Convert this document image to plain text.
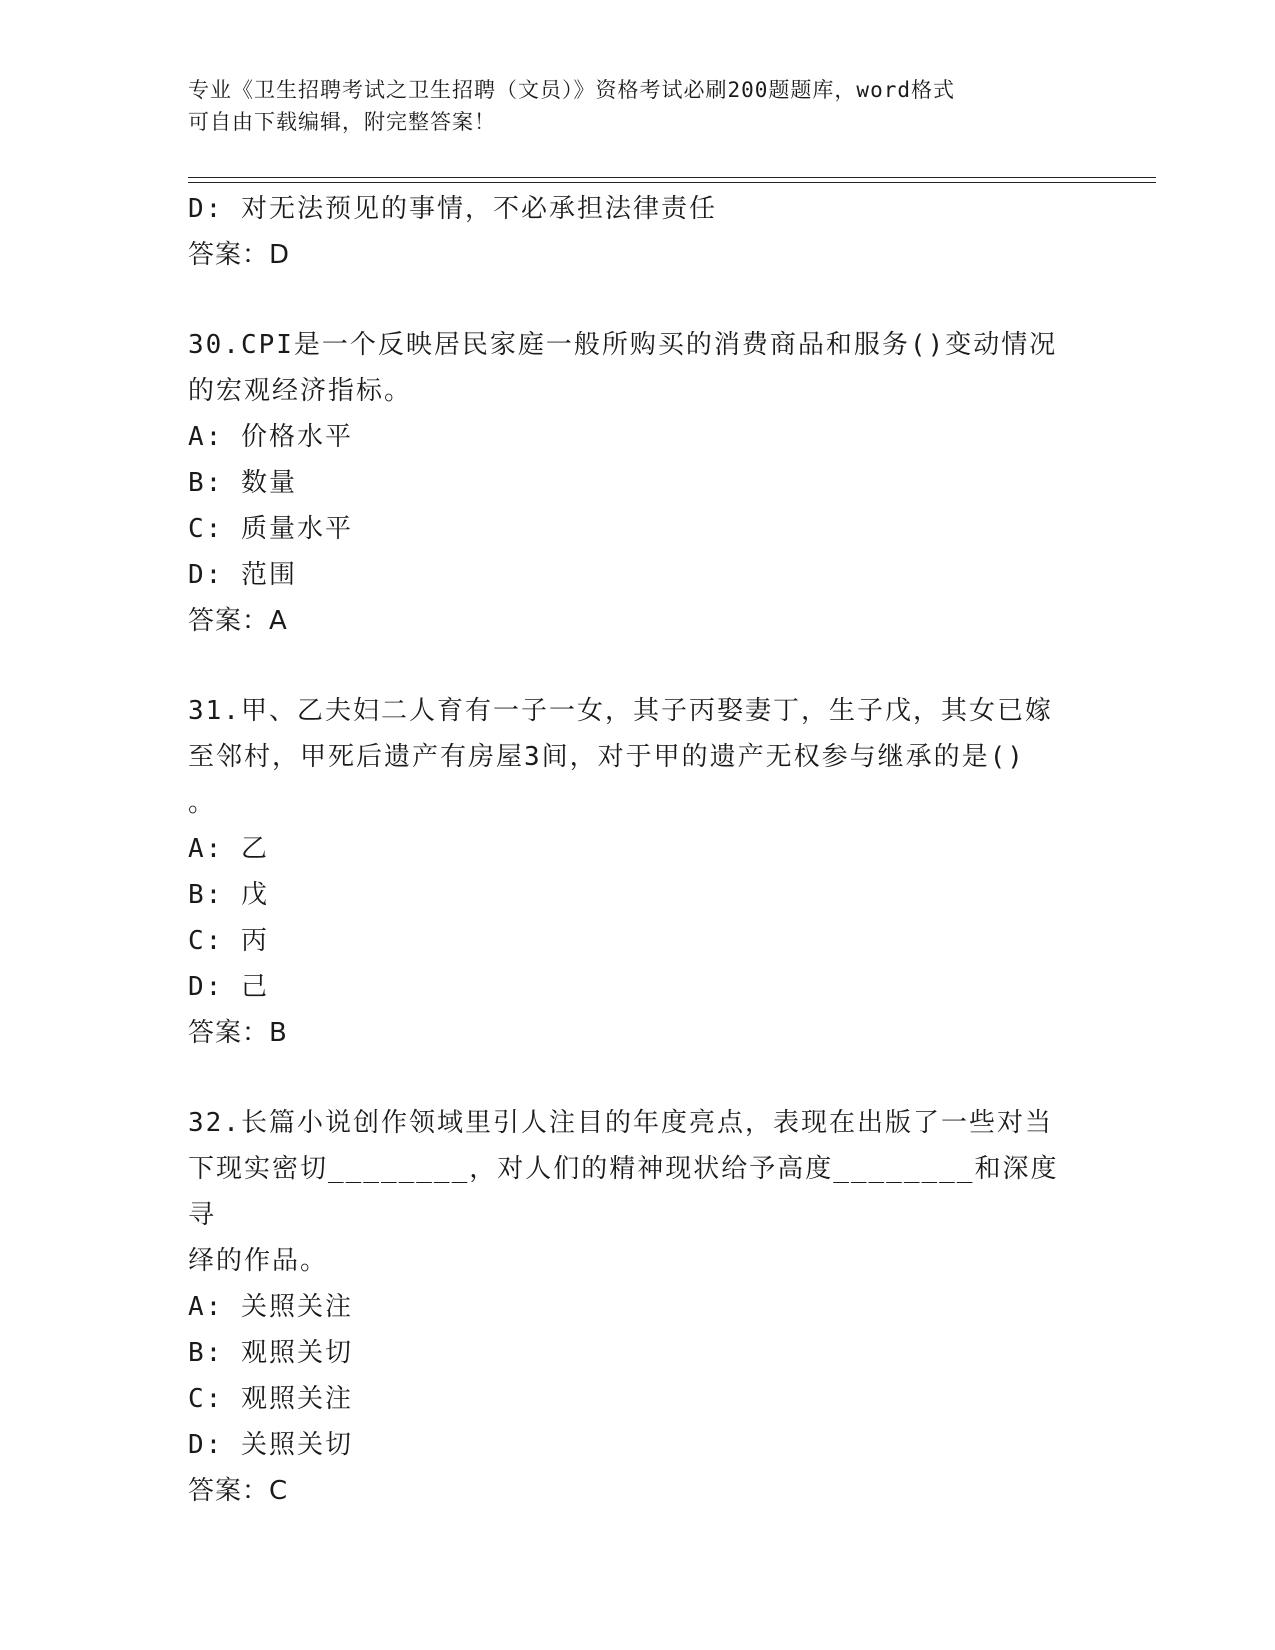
专业《卫生招聘考试之卫生招聘（文员）》资格考试必刷200题题库，word格式
可自由下载编辑，附完整答案！
D: 对无法预见的事情，不必承担法律责任
答案：D
30.CPI是一个反映居民家庭一般所购买的消费商品和服务()变动情况
的宏观经济指标。
A: 价格水平
B: 数量
C: 质量水平
D: 范围
答案：A
31.甲、乙夫妇二人育有一子一女，其子丙娶妻丁，生子戊，其女已嫁
至邻村，甲死后遗产有房屋3间，对于甲的遗产无权参与继承的是()
。
A: 乙
B: 戊
C: 丙
D: 己
答案：B
32.长篇小说创作领域里引人注目的年度亮点，表现在出版了一些对当
下现实密切________，对人们的精神现状给予高度________和深度寻
绎的作品。
A: 关照关注
B: 观照关切
C: 观照关注
D: 关照关切
答案：C
